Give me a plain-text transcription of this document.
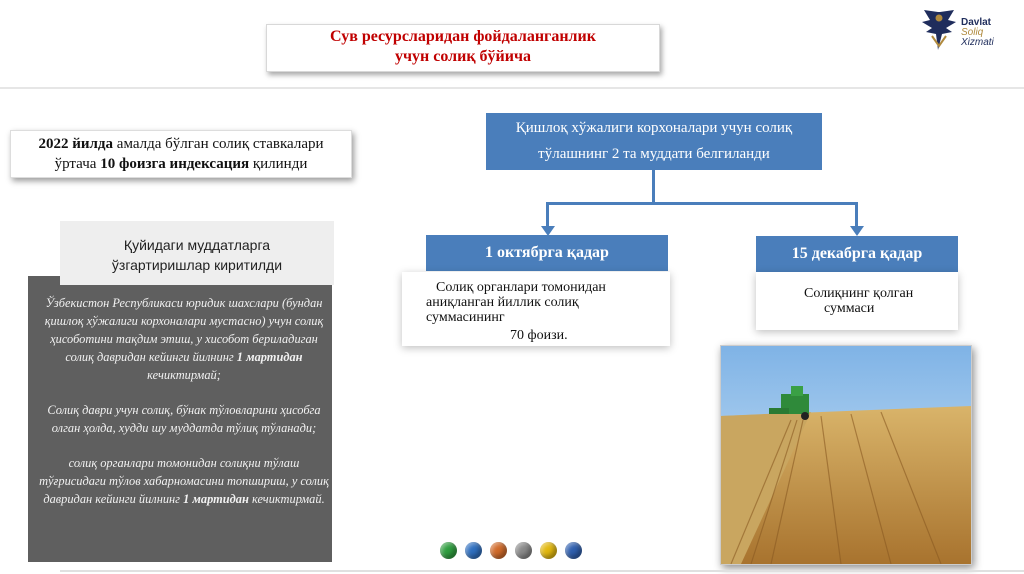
Сув ресурсларидан фойдаланганлик
учун солиқ бўйича
Davlat
Soliq
Xizmati
2022 йилда амалда бўлган солиқ ставкалари
ўртача 10 фоизга индексация қилинди
Қуйидаги муддатларга
ўзгартиришлар киритилди

Ўзбекистон Республикаси юридик шахслари (бундан қишлоқ хўжалиги корхоналари мустасно) учун солиқ ҳисоботини тақдим этиш, у хисобот бериладиган солиқ давридан кейинги йилнинг 1 мартидан кечиктирмай;

Солиқ даври учун солиқ, бўнак тўловларини ҳисобга олган ҳолда, худди шу муддатда тўлиқ тўланади;

солиқ органлари томонидан солиқни тўлаш тўғрисидаги тўлов хабарномасини топшириш, у солиқ давридан кейинги йилнинг 1 мартидан кечиктирмай.

Қишлоқ хўжалиги корхоналари учун солиқ
тўлашнинг 2 та муддати белгиланди
1 октябрга қадар
Солиқ органлари томонидан
аниқланган йиллик солиқ
суммасининг
70 фоизи.
15 декабрга қадар
Солиқнинг қолган
суммаси
